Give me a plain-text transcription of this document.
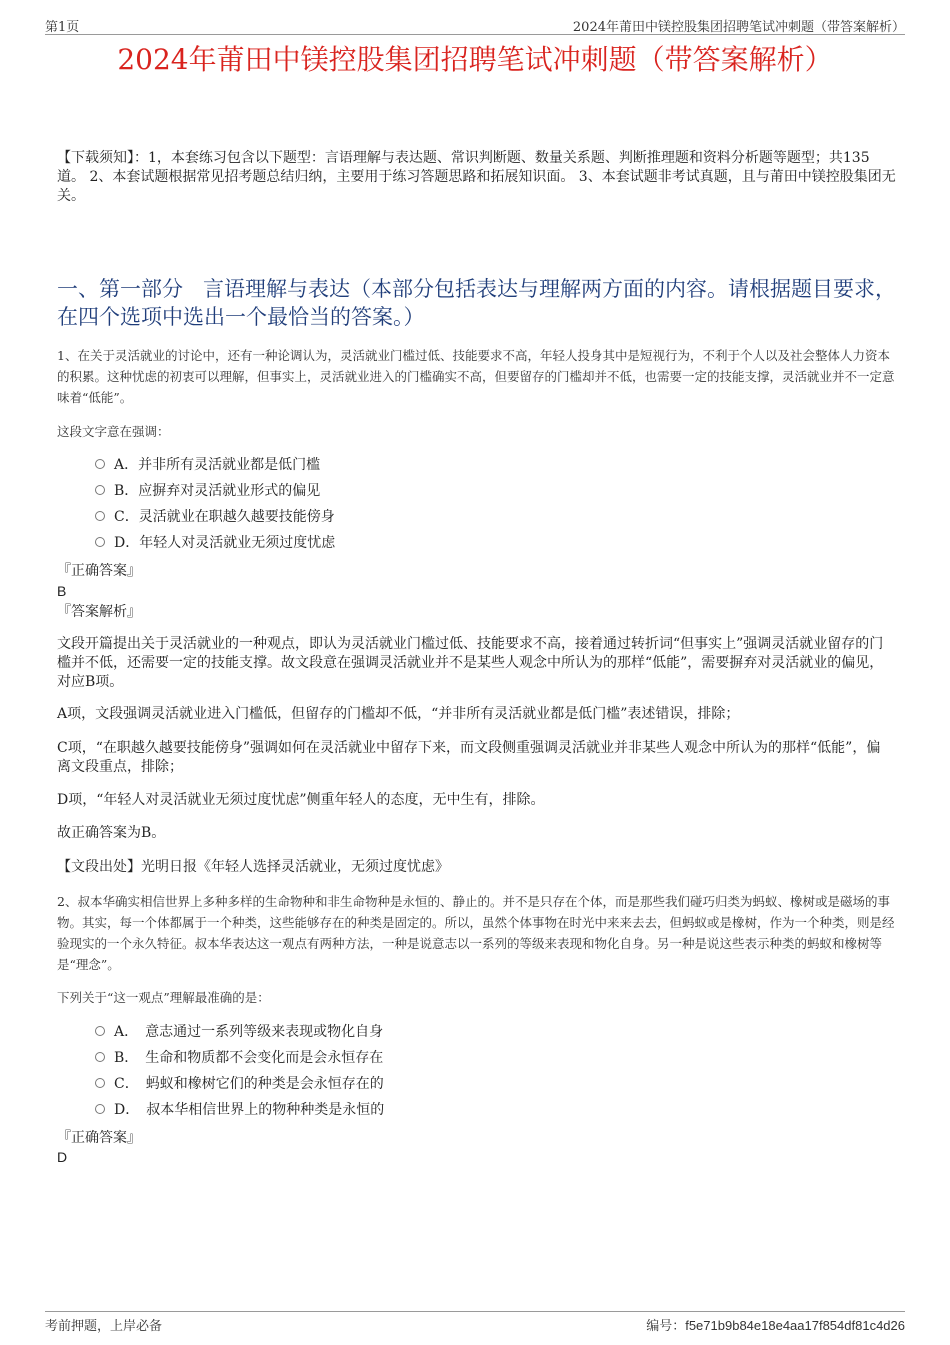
第1页	2024年莆田中镁控股集团招聘笔试冲刺题（带答案解析）
2024年莆田中镁控股集团招聘笔试冲刺题（带答案解析）
【下载须知】：1，本套练习包含以下题型：言语理解与表达题、常识判断题、数量关系题、判断推理题和资料分析题等题型；共135道。 2、本套试题根据常见招考题总结归纳，主要用于练习答题思路和拓展知识面。 3、本套试题非考试真题，且与莆田中镁控股集团无关。
一、第一部分 言语理解与表达（本部分包括表达与理解两方面的内容。请根据题目要求，在四个选项中选出一个最恰当的答案。）
1、在关于灵活就业的讨论中，还有一种论调认为，灵活就业门槛过低、技能要求不高，年轻人投身其中是短视行为，不利于个人以及社会整体人力资本的积累。这种忧虑的初衷可以理解，但事实上，灵活就业进入的门槛确实不高，但要留存的门槛却并不低，也需要一定的技能支撑，灵活就业并不一定意味着“低能”。
这段文字意在强调：
A．并非所有灵活就业都是低门槛
B．应摒弃对灵活就业形式的偏见
C．灵活就业在职越久越要技能傍身
D．年轻人对灵活就业无须过度忧虑
『正确答案』
B
『答案解析』
文段开篇提出关于灵活就业的一种观点，即认为灵活就业门槛过低、技能要求不高，接着通过转折词“但事实上”强调灵活就业留存的门槛并不低，还需要一定的技能支撑。故文段意在强调灵活就业并不是某些人观念中所认为的那样“低能”，需要摒弃对灵活就业的偏见，对应B项。
A项，文段强调灵活就业进入门槛低，但留存的门槛却不低，“并非所有灵活就业都是低门槛”表述错误，排除；
C项，“在职越久越要技能傍身”强调如何在灵活就业中留存下来，而文段侧重强调灵活就业并非某些人观念中所认为的那样“低能”，偏离文段重点，排除；
D项，“年轻人对灵活就业无须过度忧虑”侧重年轻人的态度，无中生有，排除。
故正确答案为B。
【文段出处】光明日报《年轻人选择灵活就业，无须过度忧虑》
2、叔本华确实相信世界上多种多样的生命物种和非生命物种是永恒的、静止的。并不是只存在个体，而是那些我们碰巧归类为蚂蚁、橡树或是磁场的事物。其实，每一个体都属于一个种类，这些能够存在的种类是固定的。所以，虽然个体事物在时光中来来去去，但蚂蚁或是橡树，作为一个种类，则是经验现实的一个永久特征。叔本华表达这一观点有两种方法，一种是说意志以一系列的等级来表现和物化自身。另一种是说这些表示种类的蚂蚁和橡树等是“理念”。
下列关于“这一观点”理解最准确的是：
A．　意志通过一系列等级来表现或物化自身
B．　生命和物质都不会变化而是会永恒存在
C．　蚂蚁和橡树它们的种类是会永恒存在的
D．　叔本华相信世界上的物种种类是永恒的
『正确答案』
D
考前押题，上岸必备	编号：f5e71b9b84e18e4aa17f854df81c4d26
